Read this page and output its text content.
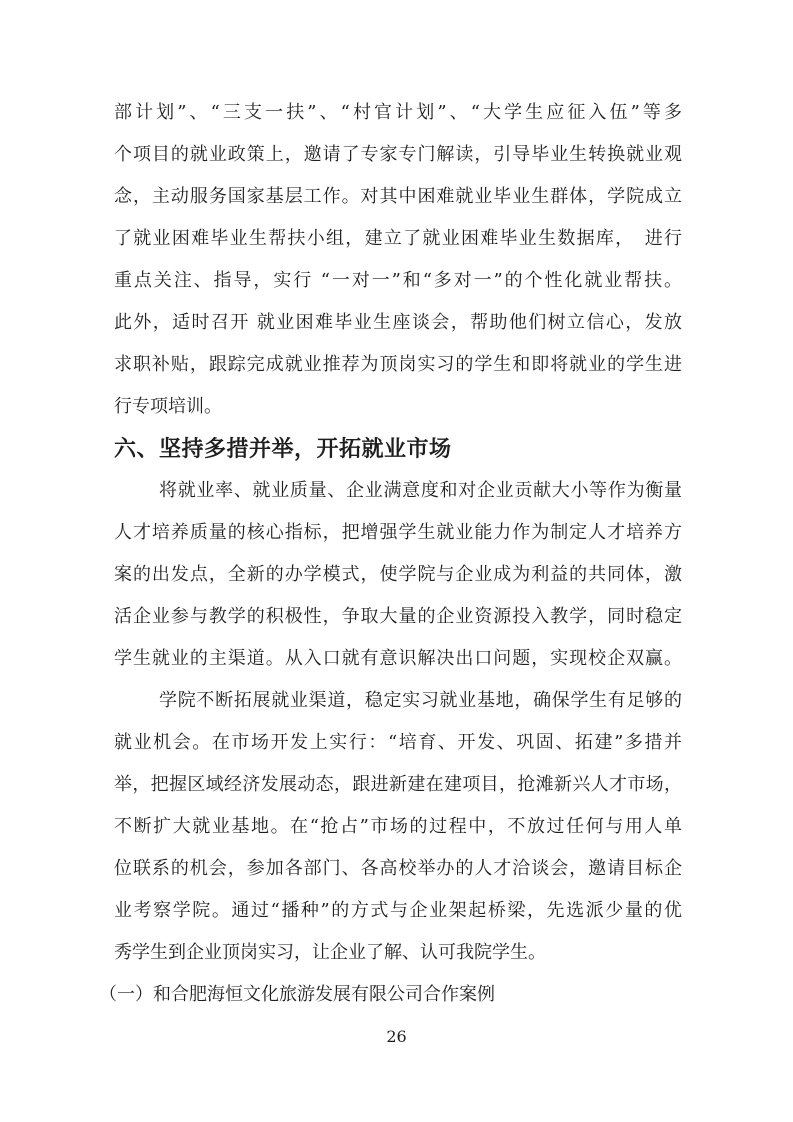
部计划”、“三支一扶”、“村官计划”、“大学生应征入伍”等多
个项目的就业政策上，邀请了专家专门解读，引导毕业生转换就业观
念，主动服务国家基层工作。对其中困难就业毕业生群体，学院成立
了就业困难毕业生帮扶小组，建立了就业困难毕业生数据库，　进行
重点关注、指导，实行 “一对一”和“多对一”的个性化就业帮扶。
此外，适时召开 就业困难毕业生座谈会，帮助他们树立信心，发放
求职补贴，跟踪完成就业推荐为顶岗实习的学生和即将就业的学生进
行专项培训。
六、坚持多措并举，开拓就业市场
将就业率、就业质量、企业满意度和对企业贡献大小等作为衡量
人才培养质量的核心指标，把增强学生就业能力作为制定人才培养方
案的出发点，全新的办学模式，使学院与企业成为利益的共同体，激
活企业参与教学的积极性，争取大量的企业资源投入教学，同时稳定
学生就业的主渠道。从入口就有意识解决出口问题，实现校企双赢。
学院不断拓展就业渠道，稳定实习就业基地，确保学生有足够的
就业机会。在市场开发上实行：“培育、开发、巩固、拓建”多措并
举，把握区域经济发展动态，跟进新建在建项目，抢滩新兴人才市场，
不断扩大就业基地。在“抢占”市场的过程中，不放过任何与用人单
位联系的机会，参加各部门、各高校举办的人才洽谈会，邀请目标企
业考察学院。通过“播种”的方式与企业架起桥梁，先选派少量的优
秀学生到企业顶岗实习，让企业了解、认可我院学生。
（一）和合肥海恒文化旅游发展有限公司合作案例
26
